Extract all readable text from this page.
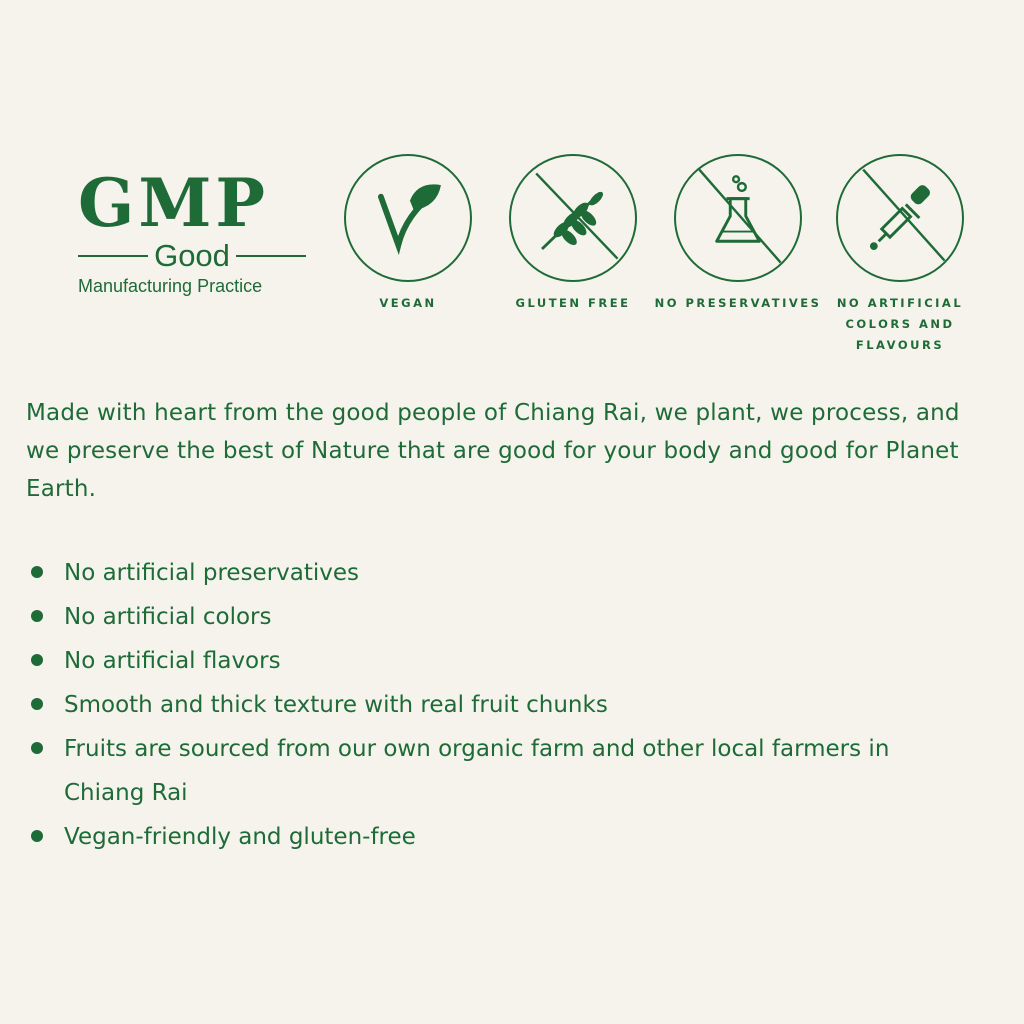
GMP
Good
Manufacturing Practice
VEGAN	GLUTEN FREE	NO PRESERVATIVES	NO ARTIFICIAL COLORS AND FLAVOURS

Made with heart from the good people of Chiang Rai, we plant, we process, and we preserve the best of Nature that are good for your body and good for Planet Earth.

No artificial preservatives
No artificial colors
No artificial flavors
Smooth and thick texture with real fruit chunks
Fruits are sourced from our own organic farm and other local farmers in Chiang Rai
Vegan-friendly and gluten-free
